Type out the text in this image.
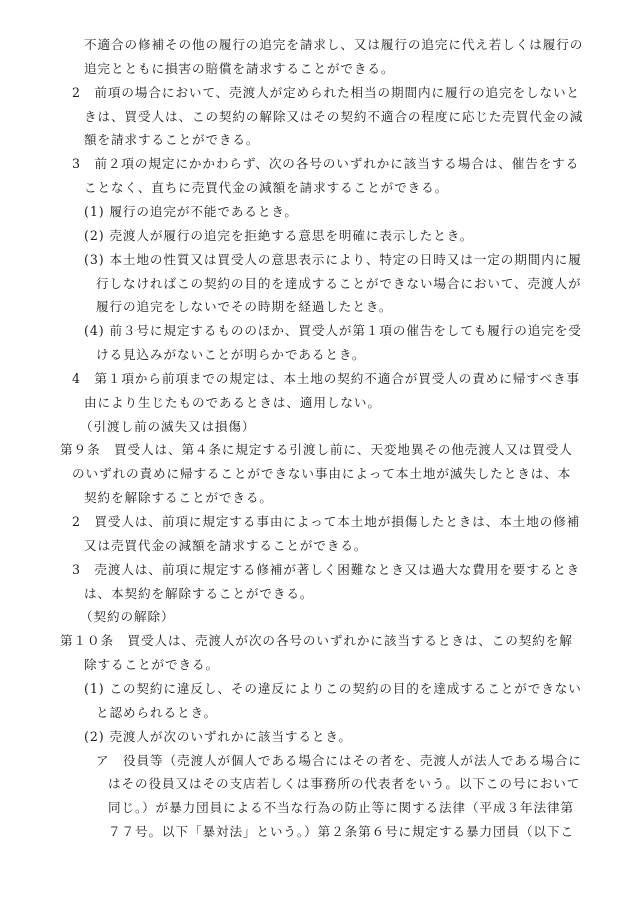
不適合の修補その他の履行の追完を請求し、又は履行の追完に代え若しくは履行の
追完とともに損害の賠償を請求することができる。
2　前項の場合において、売渡人が定められた相当の期間内に履行の追完をしないと
きは、買受人は、この契約の解除又はその契約不適合の程度に応じた売買代金の減
額を請求することができる。
3　前２項の規定にかかわらず、次の各号のいずれかに該当する場合は、催告をする
ことなく、直ちに売買代金の減額を請求することができる。
(1) 履行の追完が不能であるとき。
(2) 売渡人が履行の追完を拒絶する意思を明確に表示したとき。
(3) 本土地の性質又は買受人の意思表示により、特定の日時又は一定の期間内に履
行しなければこの契約の目的を達成することができない場合において、売渡人が
履行の追完をしないでその時期を経過したとき。
(4) 前３号に規定するもののほか、買受人が第１項の催告をしても履行の追完を受
ける見込みがないことが明らかであるとき。
4　第１項から前項までの規定は、本土地の契約不適合が買受人の責めに帰すべき事
由により生じたものであるときは、適用しない。
（引渡し前の滅失又は損傷）
第９条　買受人は、第４条に規定する引渡し前に、天変地異その他売渡人又は買受人
のいずれの責めに帰することができない事由によって本土地が滅失したときは、本
契約を解除することができる。
2　買受人は、前項に規定する事由によって本土地が損傷したときは、本土地の修補
又は売買代金の減額を請求することができる。
3　売渡人は、前項に規定する修補が著しく困難なとき又は過大な費用を要するとき
は、本契約を解除することができる。
（契約の解除）
第１０条　買受人は、売渡人が次の各号のいずれかに該当するときは、この契約を解
除することができる。
(1) この契約に違反し、その違反によりこの契約の目的を達成することができない
と認められるとき。
(2) 売渡人が次のいずれかに該当するとき。
ア　役員等（売渡人が個人である場合にはその者を、売渡人が法人である場合に
はその役員又はその支店若しくは事務所の代表者をいう。以下この号において
同じ。）が暴力団員による不当な行為の防止等に関する法律（平成３年法律第
７７号。以下「暴対法」という。）第２条第６号に規定する暴力団員（以下こ
